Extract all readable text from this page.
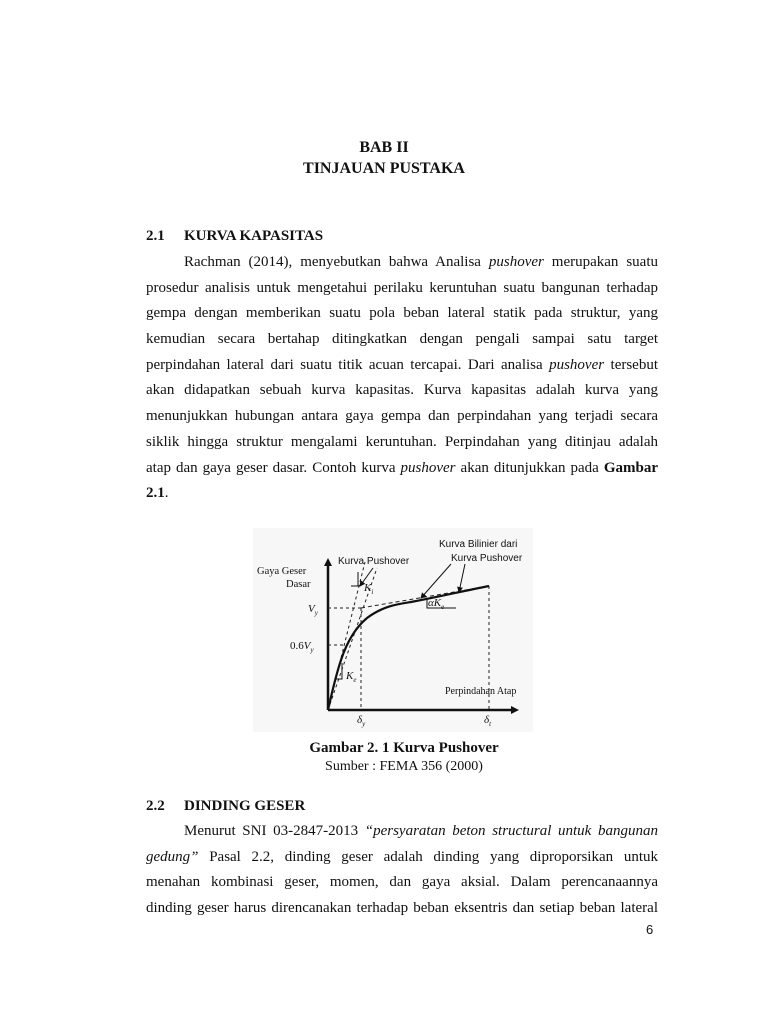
BAB II
TINJAUAN PUSTAKA
2.1 KURVA KAPASITAS
Rachman (2014), menyebutkan bahwa Analisa pushover merupakan suatu
prosedur analisis untuk mengetahui perilaku keruntuhan suatu bangunan terhadap
gempa dengan memberikan suatu pola beban lateral statik pada struktur, yang
kemudian secara bertahap ditingkatkan dengan pengali sampai satu target
perpindahan lateral dari suatu titik acuan tercapai. Dari analisa pushover tersebut
akan didapatkan sebuah kurva kapasitas. Kurva kapasitas adalah kurva yang
menunjukkan hubungan antara gaya gempa dan perpindahan yang terjadi secara
siklik hingga struktur mengalami keruntuhan. Perpindahan yang ditinjau adalah
atap dan gaya geser dasar. Contoh kurva pushover akan ditunjukkan pada Gambar
2.1.
Gaya Geser
Dasar
Kurva Pushover
Kurva Bilinier dari
Kurva Pushover
$V_y$
$0.6V_y$
$K_i$
$K_e$
$\alpha K_e$
Perpindahan Atap
$\delta_y$	$\delta_t$
Gambar 2. 1 Kurva Pushover
Sumber : FEMA 356 (2000)
2.2 DINDING GESER
Menurut SNI 03-2847-2013 “persyaratan beton structural untuk bangunan
gedung” Pasal 2.2, dinding geser adalah dinding yang diproporsikan untuk
menahan kombinasi geser, momen, dan gaya aksial. Dalam perencanaannya
dinding geser harus direncanakan terhadap beban eksentris dan setiap beban lateral
6
